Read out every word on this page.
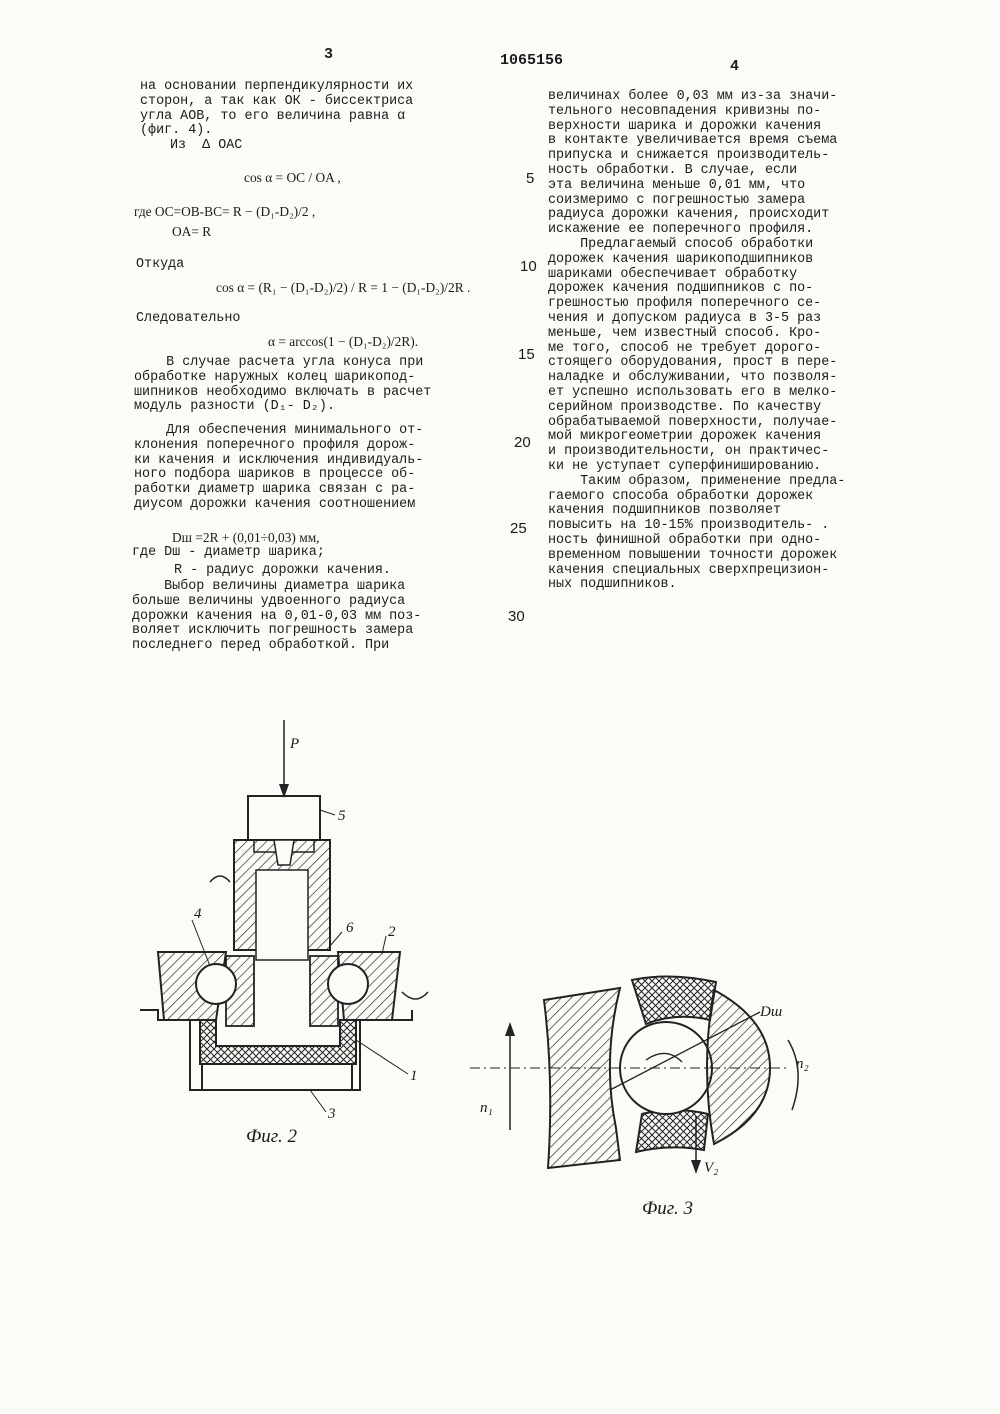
3	1065156	4

на основании перпендикулярности их

сторон, а так как ОК - биссектриса

угла AOB, то его величина равна α

(фиг. 4).

Из  Δ OAC

cos α = OC / OA ,
где OC=OB-BC= R − (D₁-D₂)/2 ,
OA= R
Откуда
cos α = (R₁ − (D₁-D₂)/2) / R = 1 − (D₁-D₂)/2R .
Следовательно
α = arccos(1 − (D₁-D₂)/2R).

В случае расчета угла конуса при

обработке наружных колец шарикопод-

шипников необходимо включать в расчет

модуль разности (D₁- D₂).

Для обеспечения минимального от-

клонения поперечного профиля дорож-

ки качения и исключения индивидуаль-

ного подбора шариков в процессе об-

работки диаметр шарика связан с ра-

диусом дорожки качения соотношением

Dш =2R + (0,01÷0,03) мм,
где Dш - диаметр шарика;
R - радиус дорожки качения.

Выбор величины диаметра шарика

больше величины удвоенного радиуса

дорожки качения на 0,01-0,03 мм поз-

воляет исключить погрешность замера

последнего перед обработкой. При

5
10
15
20
25
30

величинах более 0,03 мм из-за значи-

тельного несовпадения кривизны по-

верхности шарика и дорожки качения

в контакте увеличивается время съема

припуска и снижается производитель-

ность обработки. В случае, если

эта величина меньше 0,01 мм, что

соизмеримо с погрешностью замера

радиуса дорожки качения, происходит

искажение ее поперечного профиля.

Предлагаемый способ обработки

дорожек качения шарикоподшипников

шариками обеспечивает обработку

дорожек качения подшипников с по-

грешностью профиля поперечного се-

чения и допуском радиуса в 3-5 раз

меньше, чем известный способ. Кро-

ме того, способ не требует дорого-

стоящего оборудования, прост в пере-

наладке и обслуживании, что позволя-

ет успешно использовать его в мелко-

серийном производстве. По качеству

обрабатываемой поверхности, получае-

мой микрогеометрии дорожек качения

и производительности, он практичес-

ки не уступает суперфинишированию.

Таким образом, применение предла-

гаемого способа обработки дорожек

качения подшипников позволяет

повысить на 10-15% производитель- .

ность финишной обработки при одно-

временном повышении точности дорожек

качения специальных сверхпрецизион-

ных подшипников.

P
5
4
6 2
1
3
Фиг. 2
Dш
n₁
n₂
V₂
Фиг. 3
